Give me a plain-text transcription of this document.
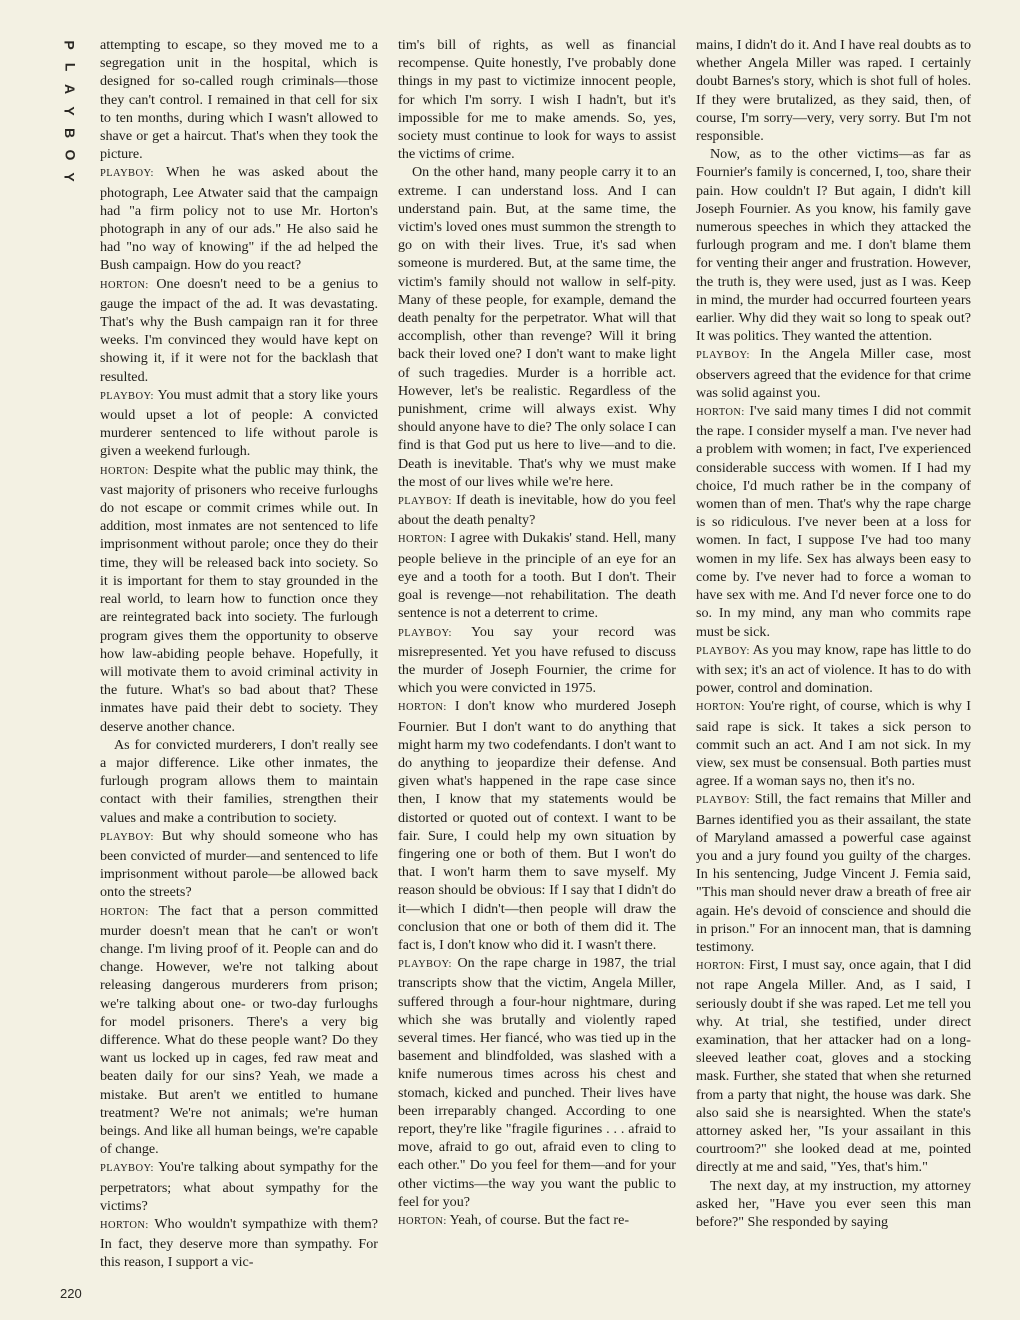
P
L
A
Y
B
O
Y

attempting to escape, so they moved me to a segregation unit in the hospital, which is designed for so-called rough criminals—those they can't control. I remained in that cell for six to ten months, during which I wasn't allowed to shave or get a haircut. That's when they took the picture.

PLAYBOY: When he was asked about the photograph, Lee Atwater said that the campaign had "a firm policy not to use Mr. Horton's photograph in any of our ads." He also said he had "no way of knowing" if the ad helped the Bush campaign. How do you react?

HORTON: One doesn't need to be a genius to gauge the impact of the ad. It was devastating. That's why the Bush campaign ran it for three weeks. I'm convinced they would have kept on showing it, if it were not for the backlash that resulted.

PLAYBOY: You must admit that a story like yours would upset a lot of people: A convicted murderer sentenced to life without parole is given a weekend furlough.

HORTON: Despite what the public may think, the vast majority of prisoners who receive furloughs do not escape or commit crimes while out. In addition, most inmates are not sentenced to life imprisonment without parole; once they do their time, they will be released back into society. So it is important for them to stay grounded in the real world, to learn how to function once they are reintegrated back into society. The furlough program gives them the opportunity to observe how law-abiding people behave. Hopefully, it will motivate them to avoid criminal activity in the future. What's so bad about that? These inmates have paid their debt to society. They deserve another chance.

As for convicted murderers, I don't really see a major difference. Like other inmates, the furlough program allows them to maintain contact with their families, strengthen their values and make a contribution to society.

PLAYBOY: But why should someone who has been convicted of murder—and sentenced to life imprisonment without parole—be allowed back onto the streets?

HORTON: The fact that a person committed murder doesn't mean that he can't or won't change. I'm living proof of it. People can and do change. However, we're not talking about releasing dangerous murderers from prison; we're talking about one- or two-day furloughs for model prisoners. There's a very big difference. What do these people want? Do they want us locked up in cages, fed raw meat and beaten daily for our sins? Yeah, we made a mistake. But aren't we entitled to humane treatment? We're not animals; we're human beings. And like all human beings, we're capable of change.

PLAYBOY: You're talking about sympathy for the perpetrators; what about sympathy for the victims?

HORTON: Who wouldn't sympathize with them? In fact, they deserve more than sympathy. For this reason, I support a vic-

tim's bill of rights, as well as financial recompense. Quite honestly, I've probably done things in my past to victimize innocent people, for which I'm sorry. I wish I hadn't, but it's impossible for me to make amends. So, yes, society must continue to look for ways to assist the victims of crime.

On the other hand, many people carry it to an extreme. I can understand loss. And I can understand pain. But, at the same time, the victim's loved ones must summon the strength to go on with their lives. True, it's sad when someone is murdered. But, at the same time, the victim's family should not wallow in self-pity. Many of these people, for example, demand the death penalty for the perpetrator. What will that accomplish, other than revenge? Will it bring back their loved one? I don't want to make light of such tragedies. Murder is a horrible act. However, let's be realistic. Regardless of the punishment, crime will always exist. Why should anyone have to die? The only solace I can find is that God put us here to live—and to die. Death is inevitable. That's why we must make the most of our lives while we're here.

PLAYBOY: If death is inevitable, how do you feel about the death penalty?

HORTON: I agree with Dukakis' stand. Hell, many people believe in the principle of an eye for an eye and a tooth for a tooth. But I don't. Their goal is revenge—not rehabilitation. The death sentence is not a deterrent to crime.

PLAYBOY: You say your record was misrepresented. Yet you have refused to discuss the murder of Joseph Fournier, the crime for which you were convicted in 1975.

HORTON: I don't know who murdered Joseph Fournier. But I don't want to do anything that might harm my two codefendants. I don't want to do anything to jeopardize their defense. And given what's happened in the rape case since then, I know that my statements would be distorted or quoted out of context. I want to be fair. Sure, I could help my own situation by fingering one or both of them. But I won't do that. I won't harm them to save myself. My reason should be obvious: If I say that I didn't do it—which I didn't—then people will draw the conclusion that one or both of them did it. The fact is, I don't know who did it. I wasn't there.

PLAYBOY: On the rape charge in 1987, the trial transcripts show that the victim, Angela Miller, suffered through a four-hour nightmare, during which she was brutally and violently raped several times. Her fiancé, who was tied up in the basement and blindfolded, was slashed with a knife numerous times across his chest and stomach, kicked and punched. Their lives have been irreparably changed. According to one report, they're like "fragile figurines . . . afraid to move, afraid to go out, afraid even to cling to each other." Do you feel for them—and for your other victims—the way you want the public to feel for you?

HORTON: Yeah, of course. But the fact re-

mains, I didn't do it. And I have real doubts as to whether Angela Miller was raped. I certainly doubt Barnes's story, which is shot full of holes. If they were brutalized, as they said, then, of course, I'm sorry—very, very sorry. But I'm not responsible.

Now, as to the other victims—as far as Fournier's family is concerned, I, too, share their pain. How couldn't I? But again, I didn't kill Joseph Fournier. As you know, his family gave numerous speeches in which they attacked the furlough program and me. I don't blame them for venting their anger and frustration. However, the truth is, they were used, just as I was. Keep in mind, the murder had occurred fourteen years earlier. Why did they wait so long to speak out? It was politics. They wanted the attention.

PLAYBOY: In the Angela Miller case, most observers agreed that the evidence for that crime was solid against you.

HORTON: I've said many times I did not commit the rape. I consider myself a man. I've never had a problem with women; in fact, I've experienced considerable success with women. If I had my choice, I'd much rather be in the company of women than of men. That's why the rape charge is so ridiculous. I've never been at a loss for women. In fact, I suppose I've had too many women in my life. Sex has always been easy to come by. I've never had to force a woman to have sex with me. And I'd never force one to do so. In my mind, any man who commits rape must be sick.

PLAYBOY: As you may know, rape has little to do with sex; it's an act of violence. It has to do with power, control and domination.

HORTON: You're right, of course, which is why I said rape is sick. It takes a sick person to commit such an act. And I am not sick. In my view, sex must be consensual. Both parties must agree. If a woman says no, then it's no.

PLAYBOY: Still, the fact remains that Miller and Barnes identified you as their assailant, the state of Maryland amassed a powerful case against you and a jury found you guilty of the charges. In his sentencing, Judge Vincent J. Femia said, "This man should never draw a breath of free air again. He's devoid of conscience and should die in prison." For an innocent man, that is damning testimony.

HORTON: First, I must say, once again, that I did not rape Angela Miller. And, as I said, I seriously doubt if she was raped. Let me tell you why. At trial, she testified, under direct examination, that her attacker had on a long-sleeved leather coat, gloves and a stocking mask. Further, she stated that when she returned from a party that night, the house was dark. She also said she is nearsighted. When the state's attorney asked her, "Is your assailant in this courtroom?" she looked dead at me, pointed directly at me and said, "Yes, that's him."

The next day, at my instruction, my attorney asked her, "Have you ever seen this man before?" She responded by saying

220
